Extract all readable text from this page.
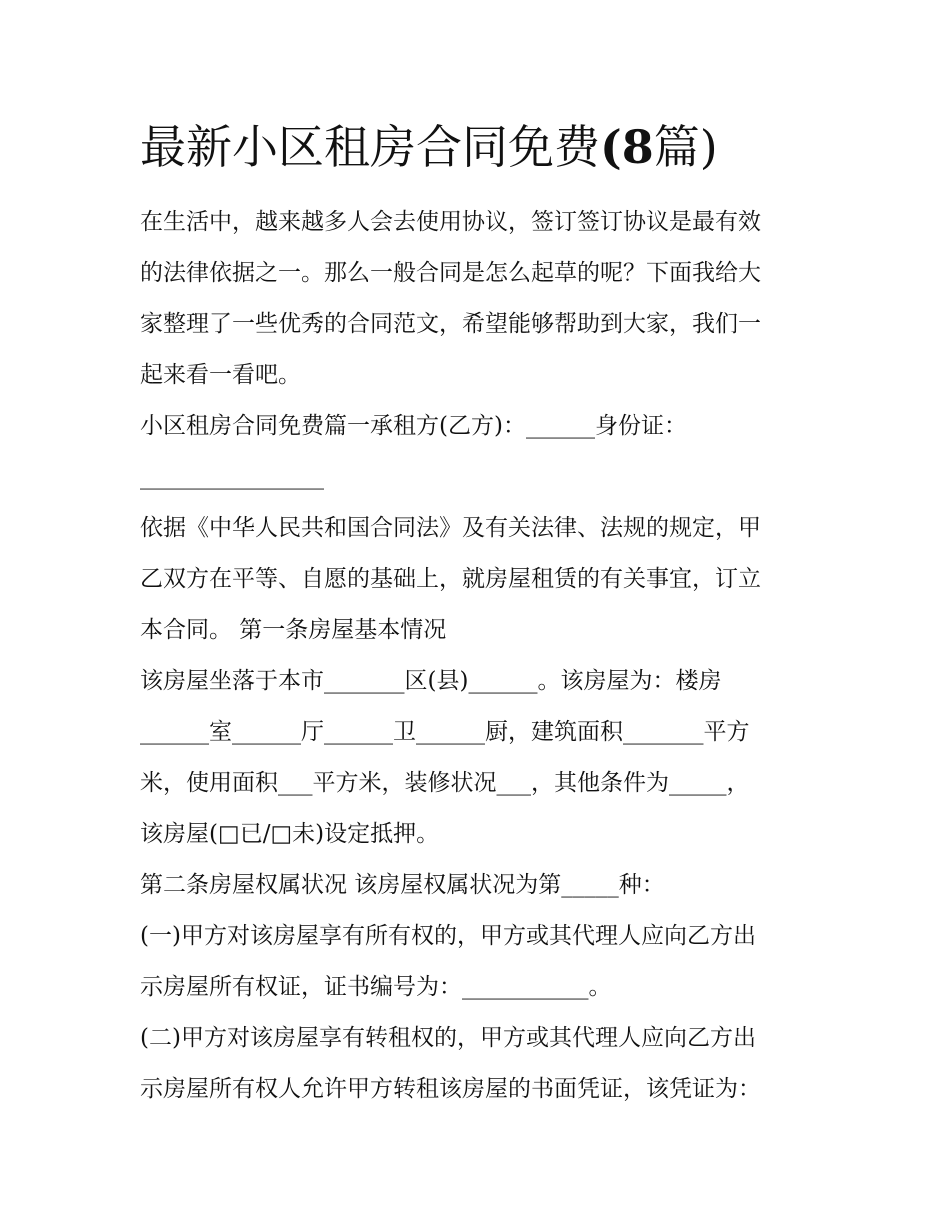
最新小区租房合同免费(8篇)
在生活中，越来越多人会去使用协议，签订签订协议是最有效
的法律依据之一。那么一般合同是怎么起草的呢？下面我给大
家整理了一些优秀的合同范文，希望能够帮助到大家，我们一
起来看一看吧。
小区租房合同免费篇一承租方(乙方)：______身份证：
________________
依据《中华人民共和国合同法》及有关法律、法规的规定，甲
乙双方在平等、自愿的基础上，就房屋租赁的有关事宜，订立
本合同。 第一条房屋基本情况
该房屋坐落于本市_______区(县)______。该房屋为：楼房
______室______厅______卫______厨，建筑面积_______平方
米，使用面积___平方米，装修状况___，其他条件为_____，
该房屋(□已/□未)设定抵押。
第二条房屋权属状况 该房屋权属状况为第_____种：
(一)甲方对该房屋享有所有权的，甲方或其代理人应向乙方出
示房屋所有权证，证书编号为：___________。
(二)甲方对该房屋享有转租权的，甲方或其代理人应向乙方出
示房屋所有权人允许甲方转租该房屋的书面凭证，该凭证为：
